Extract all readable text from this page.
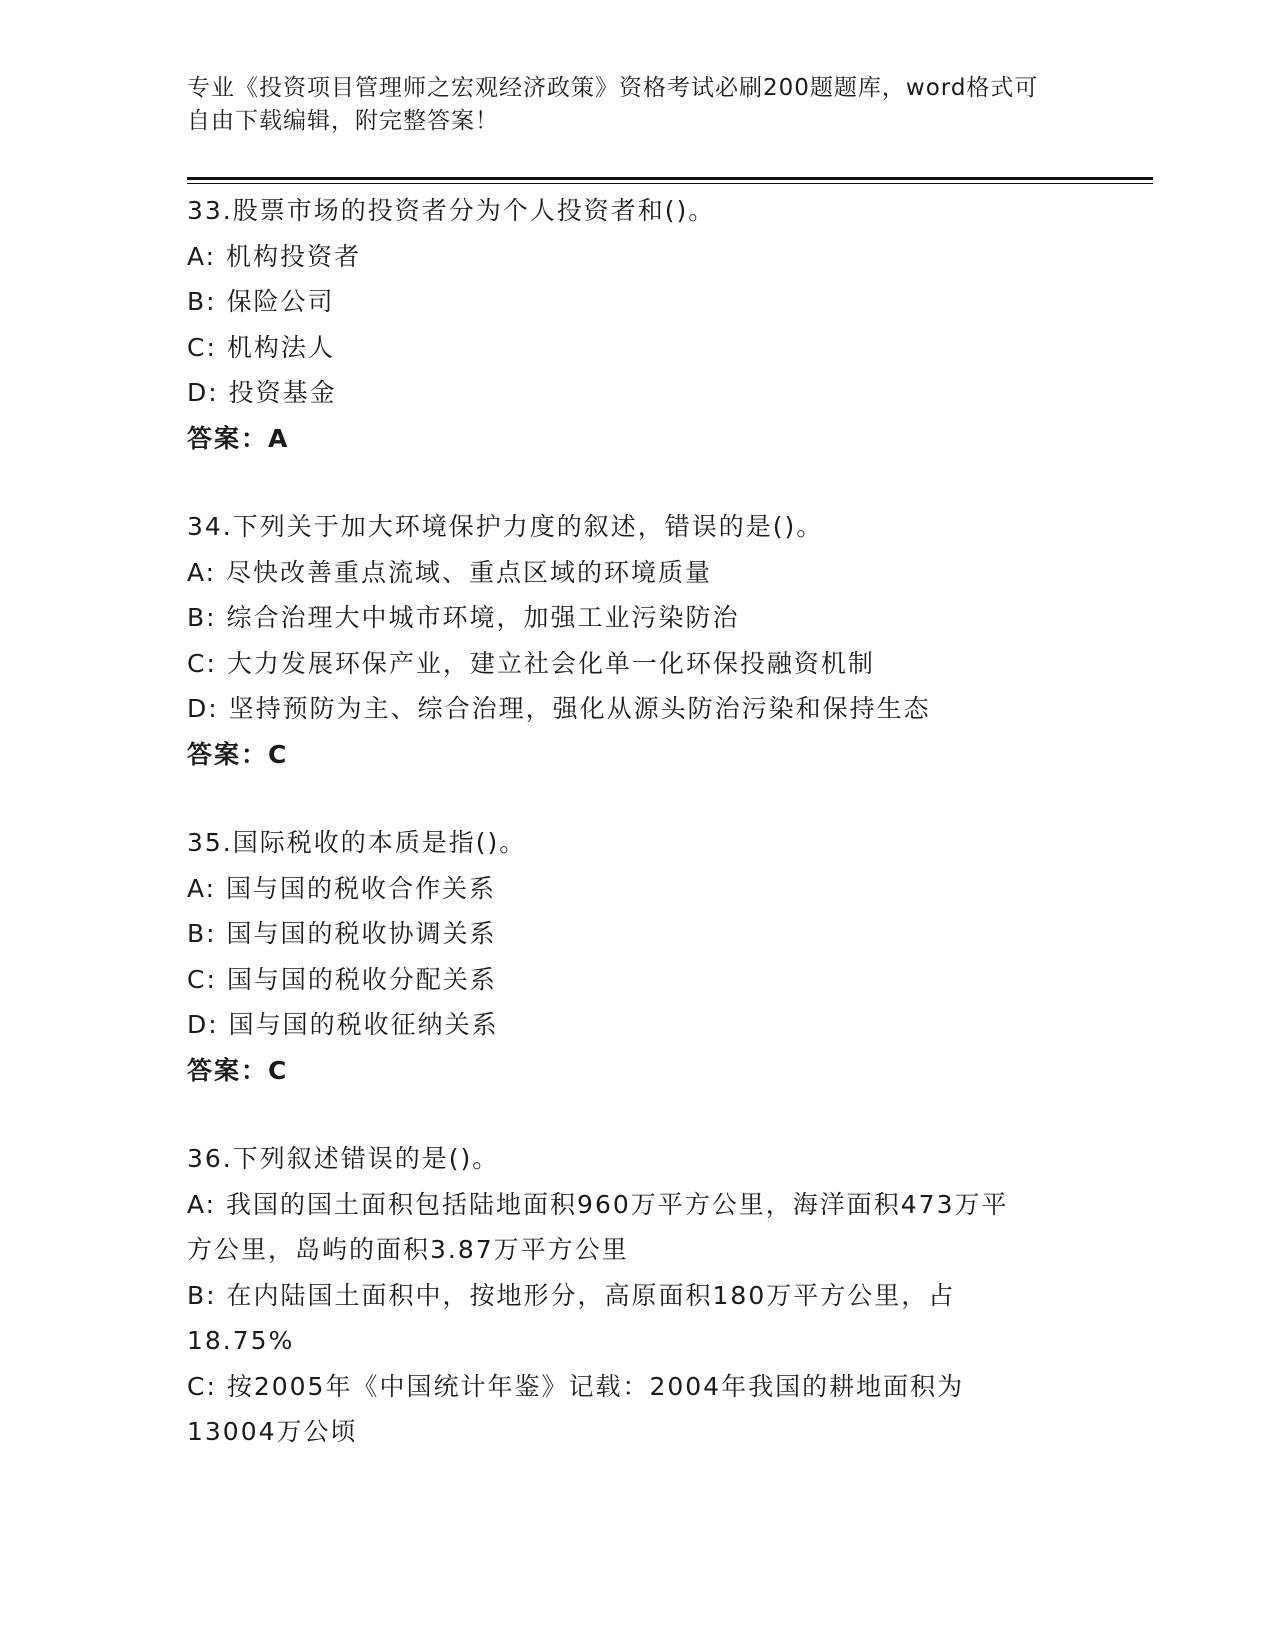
专业《投资项目管理师之宏观经济政策》资格考试必刷200题题库，word格式可
自由下载编辑，附完整答案！
33.股票市场的投资者分为个人投资者和()。
A: 机构投资者
B: 保险公司
C: 机构法人
D: 投资基金
答案：A
34.下列关于加大环境保护力度的叙述，错误的是()。
A: 尽快改善重点流域、重点区域的环境质量
B: 综合治理大中城市环境，加强工业污染防治
C: 大力发展环保产业，建立社会化单一化环保投融资机制
D: 坚持预防为主、综合治理，强化从源头防治污染和保持生态
答案：C
35.国际税收的本质是指()。
A: 国与国的税收合作关系
B: 国与国的税收协调关系
C: 国与国的税收分配关系
D: 国与国的税收征纳关系
答案：C
36.下列叙述错误的是()。
A: 我国的国土面积包括陆地面积960万平方公里，海洋面积473万平
方公里，岛屿的面积3.87万平方公里
B: 在内陆国土面积中，按地形分，高原面积180万平方公里，占
18.75%
C: 按2005年《中国统计年鉴》记载：2004年我国的耕地面积为
13004万公顷
